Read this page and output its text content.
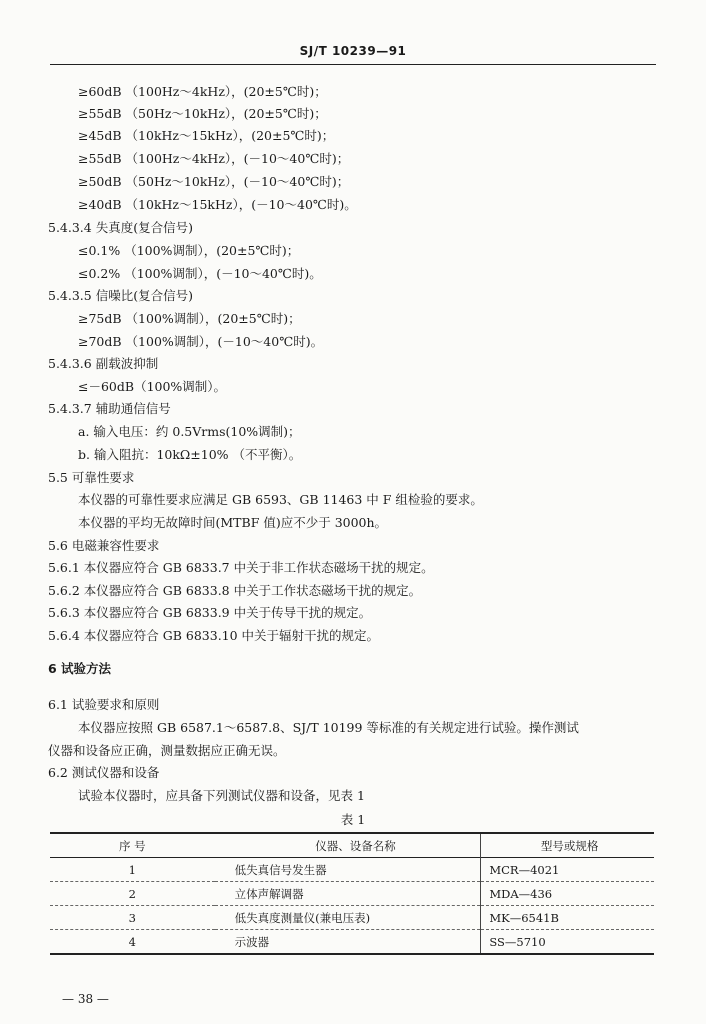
SJ/T 10239—91
≥60dB （100Hz～4kHz），(20±5℃时)；
≥55dB （50Hz～10kHz），(20±5℃时)；
≥45dB （10kHz～15kHz），(20±5℃时)；
≥55dB （100Hz～4kHz），(－10～40℃时)；
≥50dB （50Hz～10kHz），(－10～40℃时)；
≥40dB （10kHz～15kHz），(－10～40℃时)。
5.4.3.4 失真度(复合信号)
≤0.1% （100%调制），(20±5℃时)；
≤0.2% （100%调制），(－10～40℃时)。
5.4.3.5 信噪比(复合信号)
≥75dB （100%调制），(20±5℃时)；
≥70dB （100%调制），(－10～40℃时)。
5.4.3.6 副载波抑制
≤－60dB（100%调制）。
5.4.3.7 辅助通信信号
a. 输入电压：约 0.5Vrms(10%调制)；
b. 输入阻抗：10kΩ±10% （不平衡）。
5.5 可靠性要求
本仪器的可靠性要求应满足 GB 6593、GB 11463 中 F 组检验的要求。
本仪器的平均无故障时间(MTBF 值)应不少于 3000h。
5.6 电磁兼容性要求
5.6.1 本仪器应符合 GB 6833.7 中关于非工作状态磁场干扰的规定。
5.6.2 本仪器应符合 GB 6833.8 中关于工作状态磁场干扰的规定。
5.6.3 本仪器应符合 GB 6833.9 中关于传导干扰的规定。
5.6.4 本仪器应符合 GB 6833.10 中关于辐射干扰的规定。
6 试验方法
6.1 试验要求和原则
本仪器应按照 GB 6587.1～6587.8、SJ/T 10199 等标准的有关规定进行试验。操作测试
仪器和设备应正确，测量数据应正确无误。
6.2 测试仪器和设备
试验本仪器时，应具备下列测试仪器和设备，见表 1
表 1
序 号	仪器、设备名称	型号或规格
1	低失真信号发生器	MCR—4021
2	立体声解调器	MDA—436
3	低失真度测量仪(兼电压表)	MK—6541B
4	示波器	SS—5710
— 38 —
